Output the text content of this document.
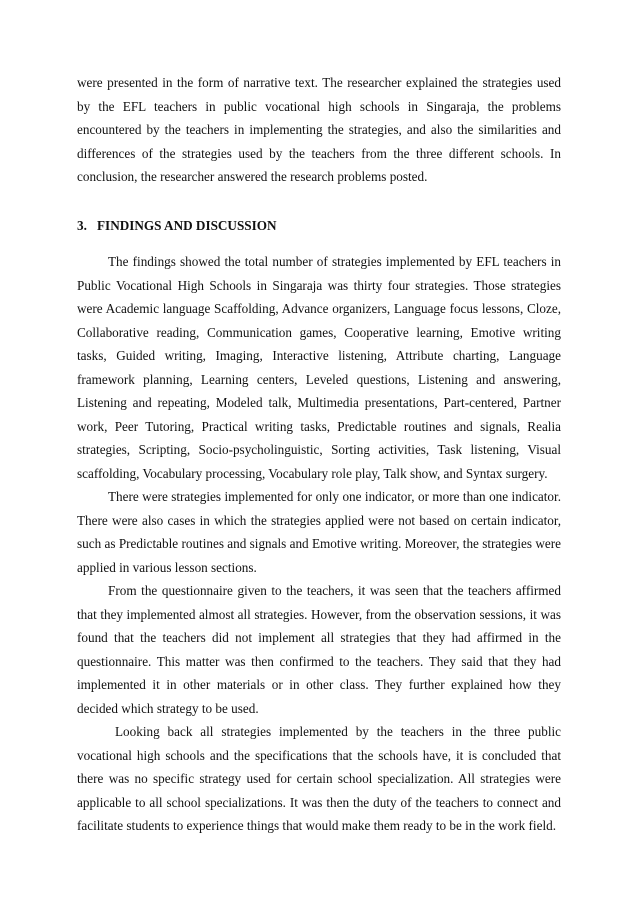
were presented in the form of narrative text. The researcher explained the strategies used by the EFL teachers in public vocational high schools in Singaraja, the problems encountered by the teachers in implementing the strategies, and also the similarities and differences of the strategies used by the teachers from the three different schools. In conclusion, the researcher answered the research problems posted.

3. FINDINGS AND DISCUSSION

The findings showed the total number of strategies implemented by EFL teachers in Public Vocational High Schools in Singaraja was thirty four strategies. Those strategies were Academic language Scaffolding, Advance organizers, Language focus lessons, Cloze, Collaborative reading, Communication games, Cooperative learning, Emotive writing tasks, Guided writing, Imaging, Interactive listening, Attribute charting, Language framework planning, Learning centers, Leveled questions, Listening and answering, Listening and repeating, Modeled talk, Multimedia presentations, Part-centered, Partner work, Peer Tutoring, Practical writing tasks, Predictable routines and signals, Realia strategies, Scripting, Socio-psycholinguistic, Sorting activities, Task listening, Visual scaffolding, Vocabulary processing, Vocabulary role play, Talk show, and Syntax surgery.

There were strategies implemented for only one indicator, or more than one indicator. There were also cases in which the strategies applied were not based on certain indicator, such as Predictable routines and signals and Emotive writing. Moreover, the strategies were applied in various lesson sections.

From the questionnaire given to the teachers, it was seen that the teachers affirmed that they implemented almost all strategies. However, from the observation sessions, it was found that the teachers did not implement all strategies that they had affirmed in the questionnaire. This matter was then confirmed to the teachers. They said that they had implemented it in other materials or in other class. They further explained how they decided which strategy to be used.

Looking back all strategies implemented by the teachers in the three public vocational high schools and the specifications that the schools have, it is concluded that there was no specific strategy used for certain school specialization. All strategies were applicable to all school specializations. It was then the duty of the teachers to connect and facilitate students to experience things that would make them ready to be in the work field.
